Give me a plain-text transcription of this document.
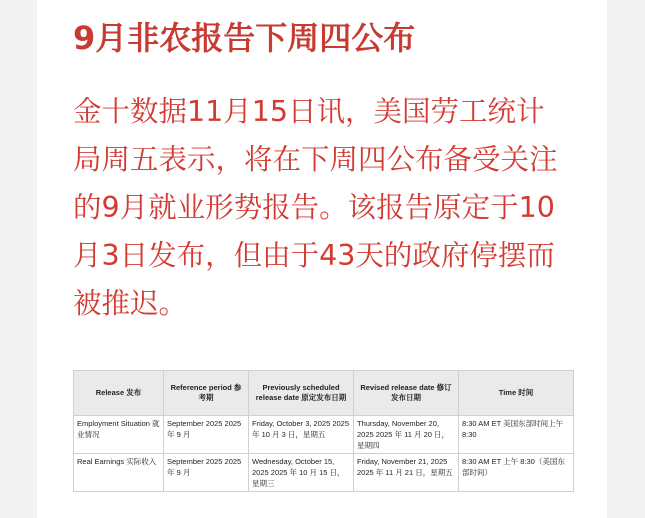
9月非农报告下周四公布
金十数据11月15日讯，美国劳工统计局周五表示，将在下周四公布备受关注的9月就业形势报告。该报告原定于10月3日发布，但由于43天的政府停摆而被推迟。
Release 发布	Reference period 参考期	Previously scheduled release date 原定发布日期	Revised release date 修订发布日期	Time 时间
Employment Situation 就业情况	September 2025 2025 年 9 月	Friday, October 3, 2025 2025 年 10 月 3 日，星期五	Thursday, November 20, 2025 2025 年 11 月 20 日，星期四	8:30 AM ET 美国东部时间上午 8:30
Real Earnings 实际收入	September 2025 2025 年 9 月	Wednesday, October 15, 2025 2025 年 10 月 15 日，星期三	Friday, November 21, 2025 2025 年 11 月 21 日，星期五	8:30 AM ET 上午 8:30（美国东部时间）
